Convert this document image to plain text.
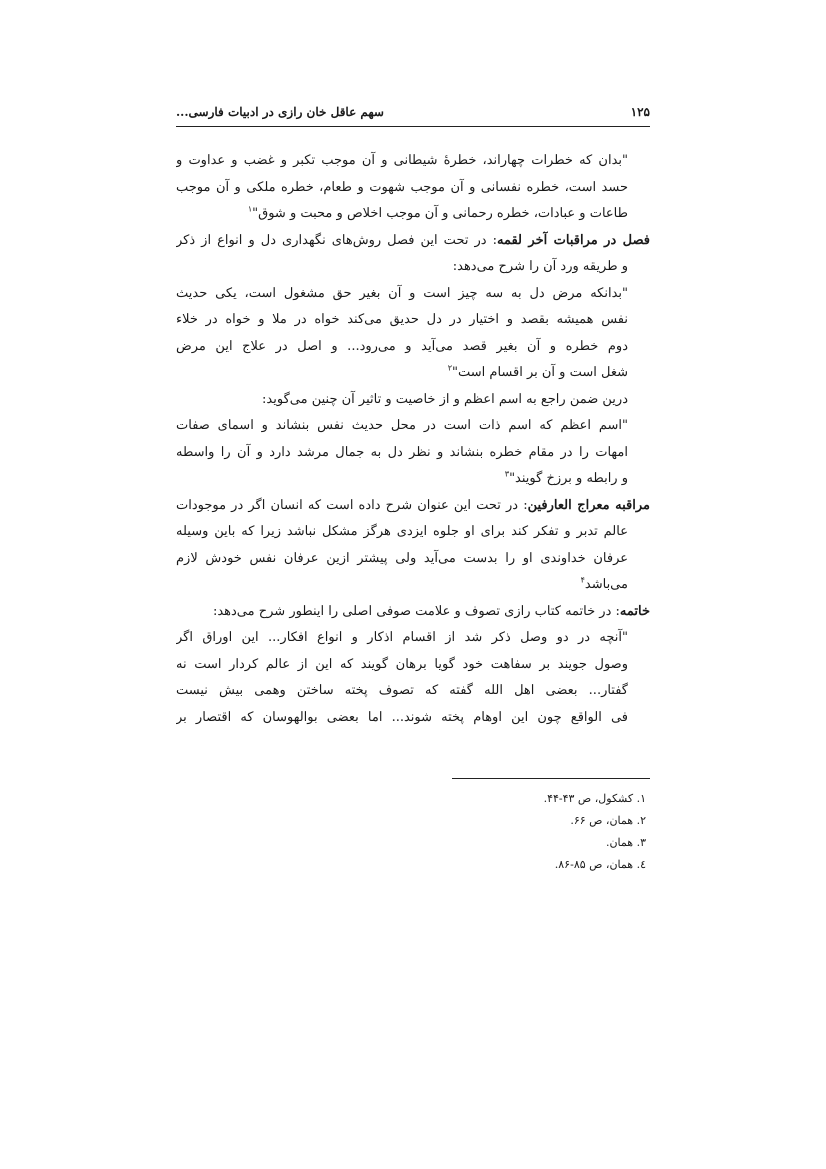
۱۲۵
سهم عاقل خان رازی در ادبیات فارسی...
"بدان که خطرات چهاراند، خطرهٔ شیطانی و آن موجب تکبر و غضب و عداوت و
حسد است، خطره نفسانی و آن موجب شهوت و طعام، خطره ملکی و آن موجب
طاعات و عبادات، خطره رحمانی و آن موجب اخلاص و محبت و شوق"$^۱$
فصل در مراقبات آخر لقمه: در تحت این فصل روش‌های نگهداری دل و انواع از ذکر
و طریقه ورد آن را شرح می‌دهد:
"بدانکه مرض دل به سه چیز است و آن بغیر حق مشغول است، یکی حدیث
نفس همیشه بقصد و اختیار در دل حدیق می‌کند خواه در ملا و خواه در خلاء
دوم خطره و آن بغیر قصد می‌آید و می‌رود... و اصل در علاج این مرض
شغل است و آن بر اقسام است"$^۲$
درین ضمن راجع به اسم اعظم و از خاصیت و تاثیر آن چنین می‌گوید:
"اسم اعظم که اسم ذات است در محل حدیث نفس بنشاند و اسمای صفات
امهات را در مقام خطره بنشاند و نظر دل به جمال مرشد دارد و آن را واسطه
و رابطه و برزخ گویند"$^۳$
مراقبه معراج العارفین: در تحت این عنوان شرح داده است که انسان اگر در موجودات
عالم تدبر و تفکر کند برای او جلوه ایزدی هرگز مشکل نباشد زیرا که باین وسیله
عرفان خداوندی او را بدست می‌آید ولی پیشتر ازین عرفان نفس خودش لازم
می‌باشد$^۴$
خاتمه: در خاتمه کتاب رازی تصوف و علامت صوفی اصلی را اینطور شرح می‌دهد:
"آنچه در دو وصل ذکر شد از اقسام اذکار و انواع افکار... این اوراق اگر
وصول جویند بر سفاهت خود گویا برهان گویند که این از عالم کردار است نه
گفتار... بعضی اهل الله گفته که تصوف پخته ساختن وهمی بیش نیست
فی الواقع چون این اوهام پخته شوند... اما بعضی بوالهوسان که اقتصار بر
۱. کشکول، ص ۴۳-۴۴.
۲. همان، ص ۶۶.
۳. همان.
٤. همان، ص ۸۵-۸۶.
